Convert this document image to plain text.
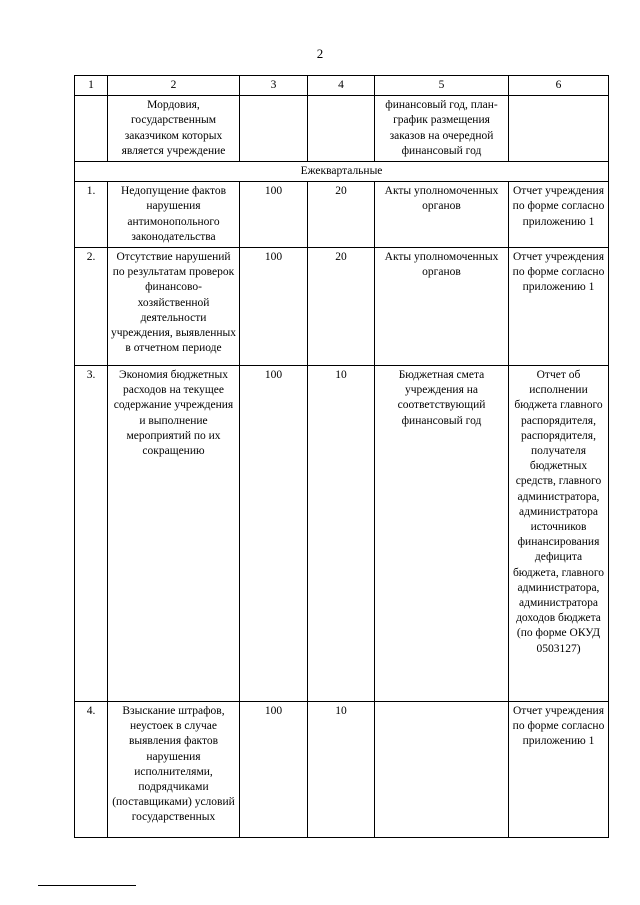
2
1	2	3	4	5	6
	Мордовия, государственным заказчиком которых является учреждение			финансовый год, план-график размещения заказов на очередной финансовый год	
Ежеквартальные					
1.	Недопущение фактов нарушения антимонопольного законодательства	100	20	Акты уполномоченных органов	Отчет учреждения по форме согласно приложению 1
2.	Отсутствие нарушений по результатам проверок финансово-хозяйственной деятельности учреждения, выявленных в отчетном периоде	100	20	Акты уполномоченных органов	Отчет учреждения по форме согласно приложению 1
3.	Экономия бюджетных расходов на текущее содержание учреждения и выполнение мероприятий по их сокращению	100	10	Бюджетная смета учреждения на соответствующий финансовый год	Отчет об исполнении бюджета главного распорядителя, распорядителя, получателя бюджетных средств, главного администратора, администратора источников финансирования дефицита бюджета, главного администратора, администратора доходов бюджета (по форме ОКУД 0503127)
4.	Взыскание штрафов, неустоек в случае выявления фактов нарушения исполнителями, подрядчиками (поставщиками) условий государственных	100	10		Отчет учреждения по форме согласно приложению 1
